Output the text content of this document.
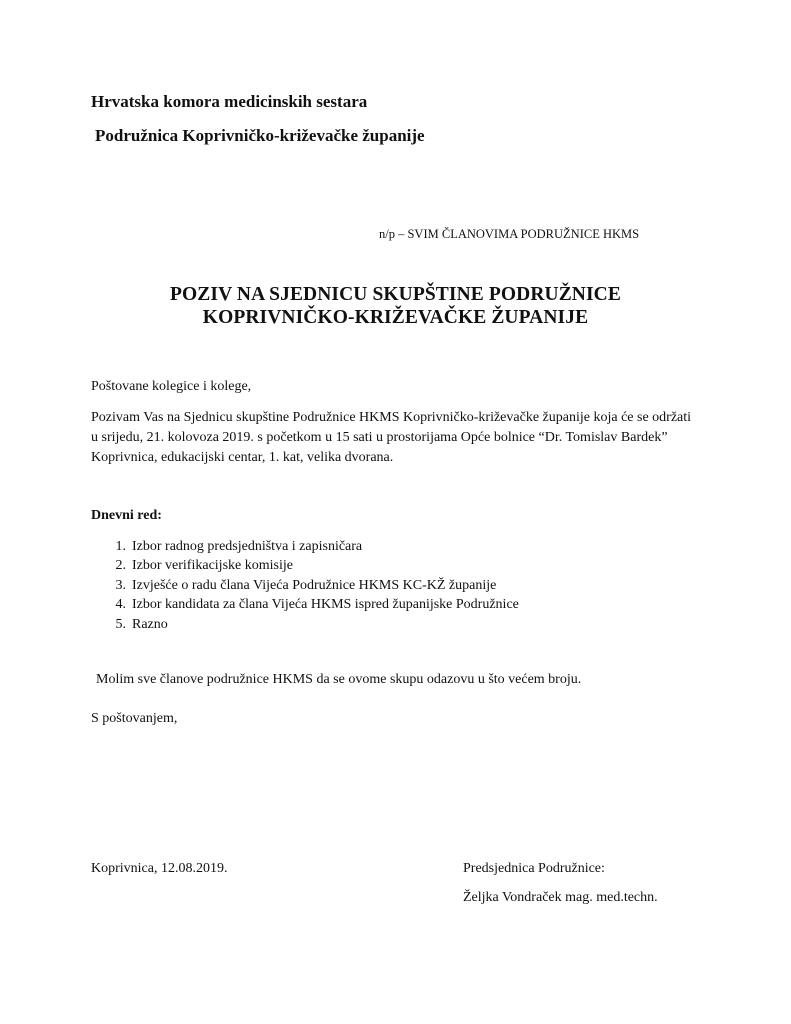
Hrvatska komora medicinskih sestara
Podružnica Koprivničko-križevačke županije
n/p – SVIM ČLANOVIMA PODRUŽNICE HKMS
POZIV NA SJEDNICU SKUPŠTINE PODRUŽNICE
KOPRIVNIČKO-KRIŽEVAČKE ŽUPANIJE
Poštovane kolegice i kolege,
Pozivam Vas na Sjednicu skupštine Podružnice HKMS Koprivničko-križevačke županije koja će se održati u srijedu, 21. kolovoza 2019. s početkom u 15 sati u prostorijama Opće bolnice “Dr. Tomislav Bardek” Koprivnica, edukacijski centar, 1. kat, velika dvorana.
Dnevni red:
1. Izbor radnog predsjedništva i zapisničara
2. Izbor verifikacijske komisije
3. Izvješće o radu člana Vijeća Podružnice HKMS KC-KŽ županije
4. Izbor kandidata za člana Vijeća HKMS ispred županijske Podružnice
5. Razno
Molim sve članove podružnice HKMS da se ovome skupu odazovu u što većem broju.
S poštovanjem,
Koprivnica, 12.08.2019.	Predsjednica Podružnice:
Željka Vondraček mag. med.techn.
